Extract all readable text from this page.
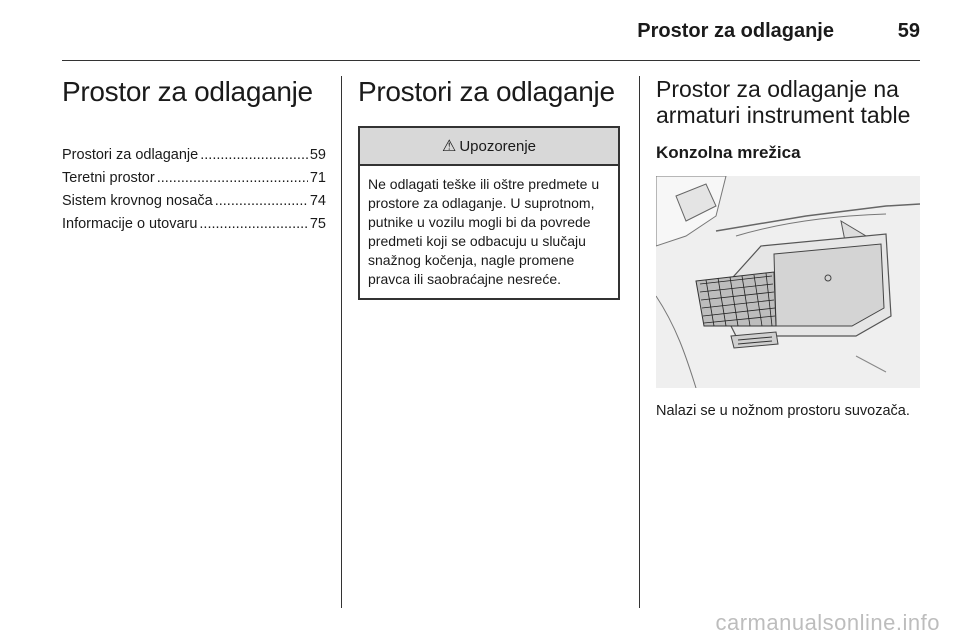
Prostor za odlaganje	59
Prostor za odlaganje
Prostori za odlaganje .....	59
Teretni prostor .....	71
Sistem krovnog nosača .....	74
Informacije o utovaru .....	75
Prostori za odlaganje
⚠ Upozorenje
Ne odlagati teške ili oštre predmete u prostore za odlaganje. U suprotnom, putnike u vozilu mogli bi da povrede predmeti koji se odbacuju u slučaju snažnog kočenja, nagle promene pravca ili saobraćajne nesreće.
Prostor za odlaganje na armaturi instrument table
Konzolna mrežica
Nalazi se u nožnom prostoru suvozača.
carmanualsonline.info
